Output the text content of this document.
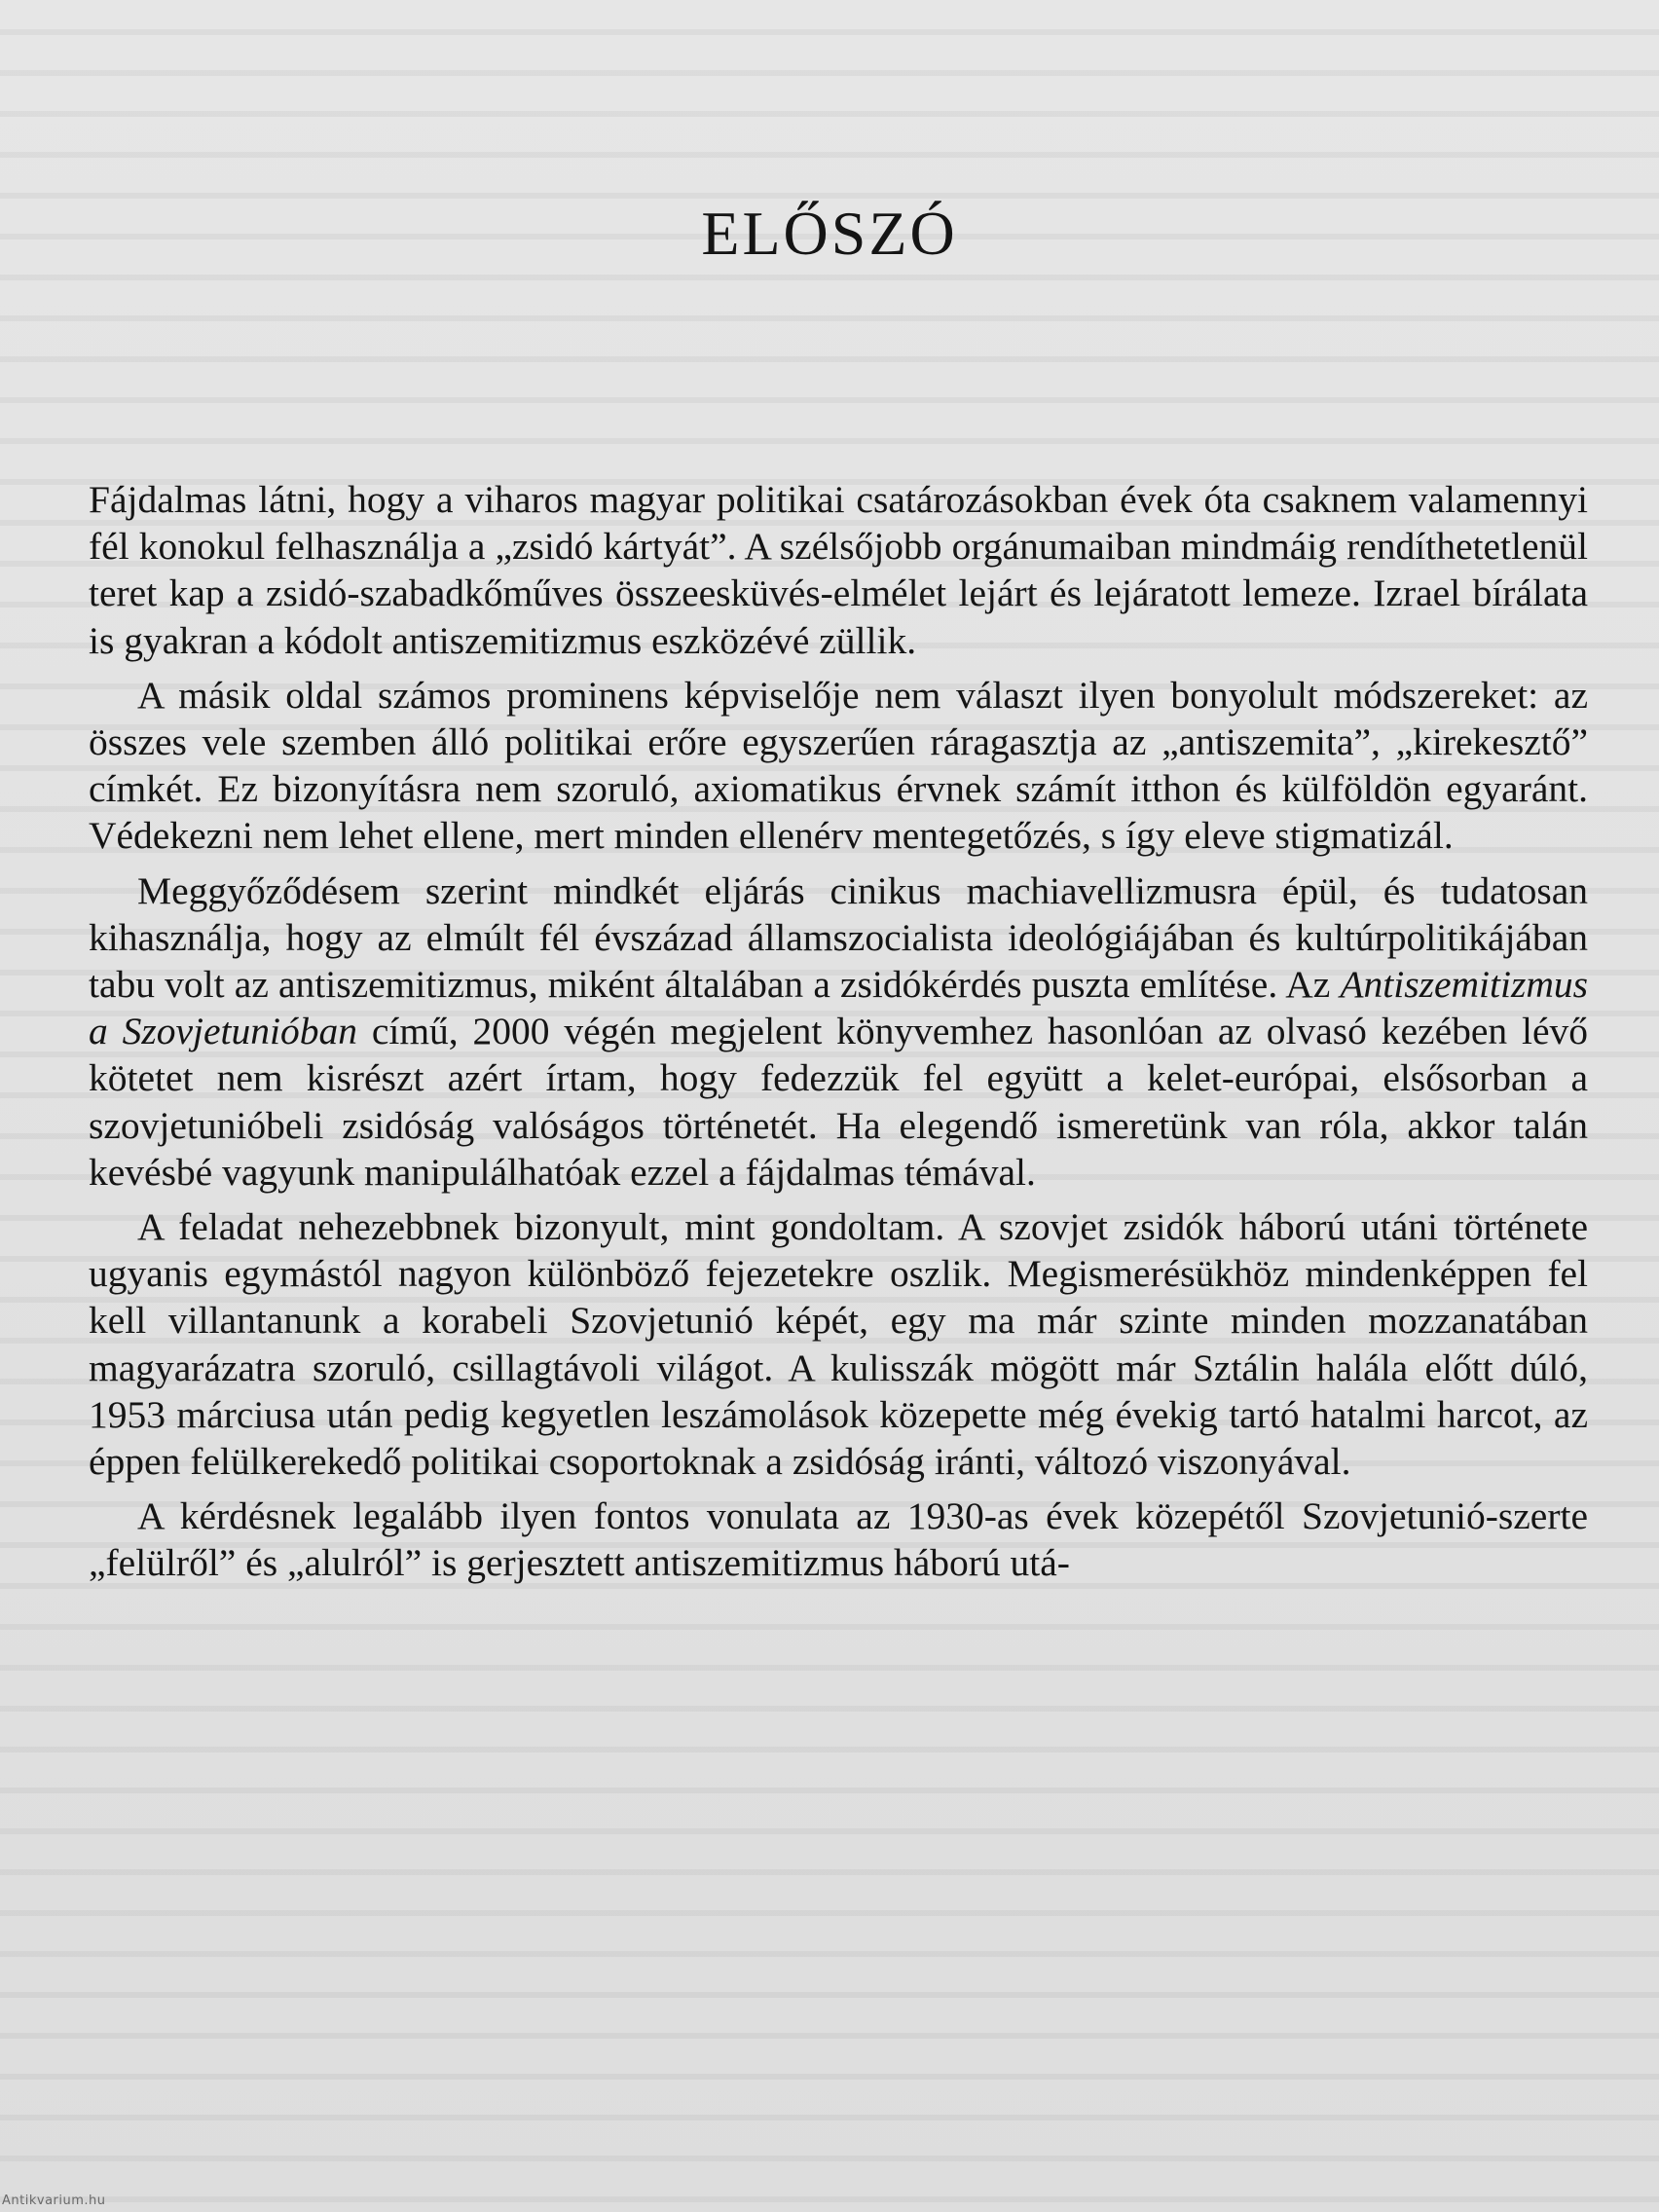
ELŐSZÓ

Fájdalmas látni, hogy a viharos magyar politikai csatározásokban évek óta csaknem valamennyi fél konokul felhasználja a „zsidó kártyát”. A szélsőjobb orgánumaiban mindmáig rendíthetetlenül teret kap a zsidó-szabadkőműves összeesküvés-elmélet lejárt és lejáratott lemeze. Izrael bírálata is gyakran a kódolt antiszemitizmus eszközévé züllik.

A másik oldal számos prominens képviselője nem választ ilyen bonyolult módszereket: az összes vele szemben álló politikai erőre egyszerűen ráragasztja az „antiszemita”, „kirekesztő” címkét. Ez bizonyításra nem szoruló, axiomatikus érvnek számít itthon és külföldön egyaránt. Védekezni nem lehet ellene, mert minden ellenérv mentegetőzés, s így eleve stigmatizál.

Meggyőződésem szerint mindkét eljárás cinikus machiavellizmusra épül, és tudatosan kihasználja, hogy az elmúlt fél évszázad államszocialista ideológiájában és kultúrpolitikájában tabu volt az antiszemitizmus, miként általában a zsidókérdés puszta említése. Az Antiszemitizmus a Szovjetunióban című, 2000 végén megjelent könyvemhez hasonlóan az olvasó kezében lévő kötetet nem kisrészt azért írtam, hogy fedezzük fel együtt a kelet-európai, elsősorban a szovjetunióbeli zsidóság valóságos történetét. Ha elegendő ismeretünk van róla, akkor talán kevésbé vagyunk manipulálhatóak ezzel a fájdalmas témával.

A feladat nehezebbnek bizonyult, mint gondoltam. A szovjet zsidók háború utáni története ugyanis egymástól nagyon különböző fejezetekre oszlik. Megismerésükhöz mindenképpen fel kell villantanunk a korabeli Szovjetunió képét, egy ma már szinte minden mozzanatában magyarázatra szoruló, csillagtávoli világot. A kulisszák mögött már Sztálin halála előtt dúló, 1953 márciusa után pedig kegyetlen leszámolások közepette még évekig tartó hatalmi harcot, az éppen felülkerekedő politikai csoportoknak a zsidóság iránti, változó viszonyával.

A kérdésnek legalább ilyen fontos vonulata az 1930-as évek közepétől Szovjetunió-szerte „felülről” és „alulról” is gerjesztett antiszemitizmus háború utá-

Antikvarium.hu
